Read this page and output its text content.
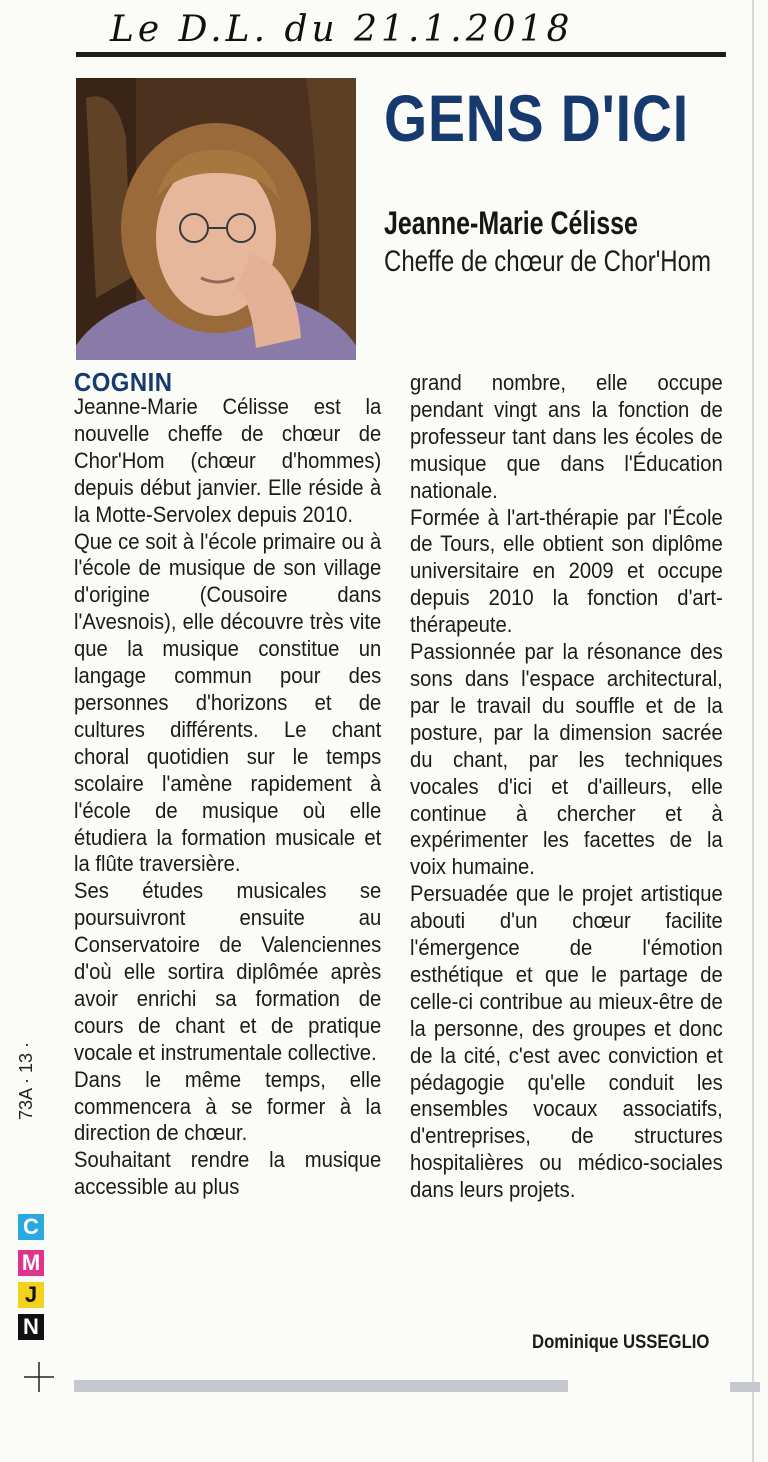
Le D.L. du 21.1.2018
GENS D'ICI
Jeanne-Marie Célisse
Cheffe de chœur de Chor'Hom
COGNIN

Jeanne-Marie Célisse est la nouvelle cheffe de chœur de Chor'Hom (chœur d'hommes) depuis début janvier. Elle réside à la Motte-Servolex depuis 2010.

Que ce soit à l'école primaire ou à l'école de musique de son village d'origine (Cousoire dans l'Avesnois), elle découvre très vite que la musique constitue un langage commun pour des personnes d'horizons et de cultures différents. Le chant choral quotidien sur le temps scolaire l'amène rapidement à l'école de musique où elle étudiera la formation musicale et la flûte traversière.

Ses études musicales se poursuivront ensuite au Conservatoire de Valenciennes d'où elle sortira diplômée après avoir enrichi sa formation de cours de chant et de pratique vocale et instrumentale collective.

Dans le même temps, elle commencera à se former à la direction de chœur.

Souhaitant rendre la musique accessible au plus

grand nombre, elle occupe pendant vingt ans la fonction de professeur tant dans les écoles de musique que dans l'Éducation nationale.

Formée à l'art-thérapie par l'École de Tours, elle obtient son diplôme universitaire en 2009 et occupe depuis 2010 la fonction d'art-thérapeute.

Passionnée par la résonance des sons dans l'espace architectural, par le travail du souffle et de la posture, par la dimension sacrée du chant, par les techniques vocales d'ici et d'ailleurs, elle continue à chercher et à expérimenter les facettes de la voix humaine.

Persuadée que le projet artistique abouti d'un chœur facilite l'émergence de l'émotion esthétique et que le partage de celle-ci contribue au mieux-être de la personne, des groupes et donc de la cité, c'est avec conviction et pédagogie qu'elle conduit les ensembles vocaux associatifs, d'entreprises, de structures hospitalières ou médico-sociales dans leurs projets.

Dominique USSEGLIO
73A · 13 ·
C
M
J
N
